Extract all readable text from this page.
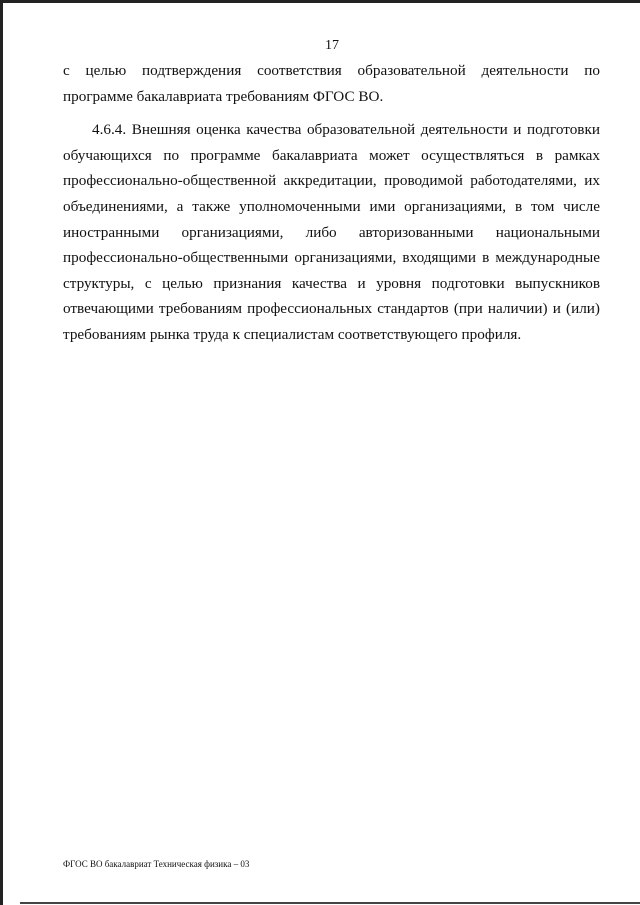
17
с целью подтверждения соответствия образовательной деятельности по
программе бакалавриата требованиям ФГОС ВО.
4.6.4. Внешняя оценка качества образовательной деятельности и подготовки
обучающихся по программе бакалавриата может осуществляться в рамках
профессионально-общественной аккредитации, проводимой работодателями, их
объединениями, а также уполномоченными ими организациями, в том числе
иностранными организациями, либо авторизованными национальными
профессионально-общественными организациями, входящими в международные
структуры, с целью признания качества и уровня подготовки выпускников
отвечающими требованиям профессиональных стандартов (при наличии) и (или)
требованиям рынка труда к специалистам соответствующего профиля.
ФГОС ВО бакалавриат Техническая физика – 03
